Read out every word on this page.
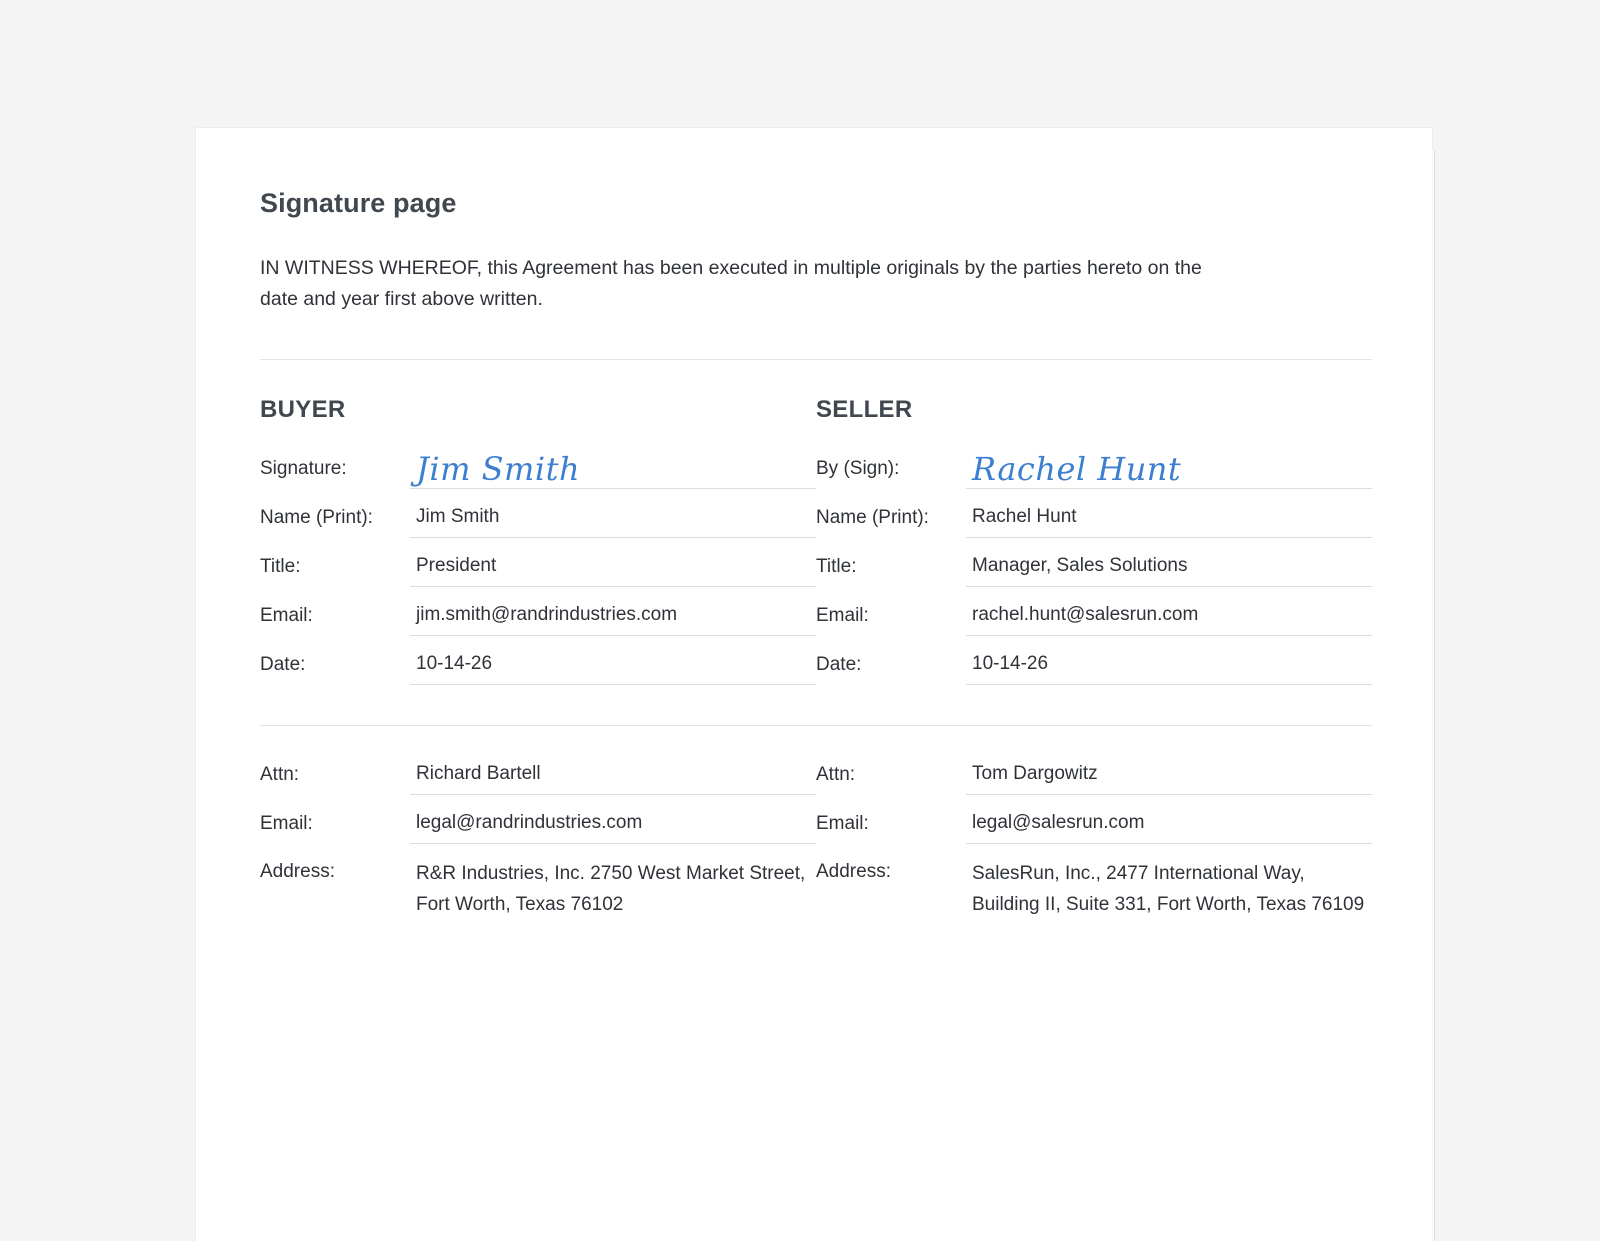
Signature page

IN WITNESS WHEREOF, this Agreement has been executed in multiple originals by the parties hereto on the date and year first above written.

BUYER
Signature:	Jim Smith
Name (Print):	Jim Smith
Title:	President
Email:	jim.smith@randrindustries.com
Date:	10-14-26
Attn:	Richard Bartell
Email:	legal@randrindustries.com
Address:	R&R Industries, Inc. 2750 West Market Street, Fort Worth, Texas 76102
SELLER
By (Sign):	Rachel Hunt
Name (Print):	Rachel Hunt
Title:	Manager, Sales Solutions
Email:	rachel.hunt@salesrun.com
Date:	10-14-26
Attn:	Tom Dargowitz
Email:	legal@salesrun.com
Address:	SalesRun, Inc., 2477 International Way, Building II, Suite 331, Fort Worth, Texas 76109
